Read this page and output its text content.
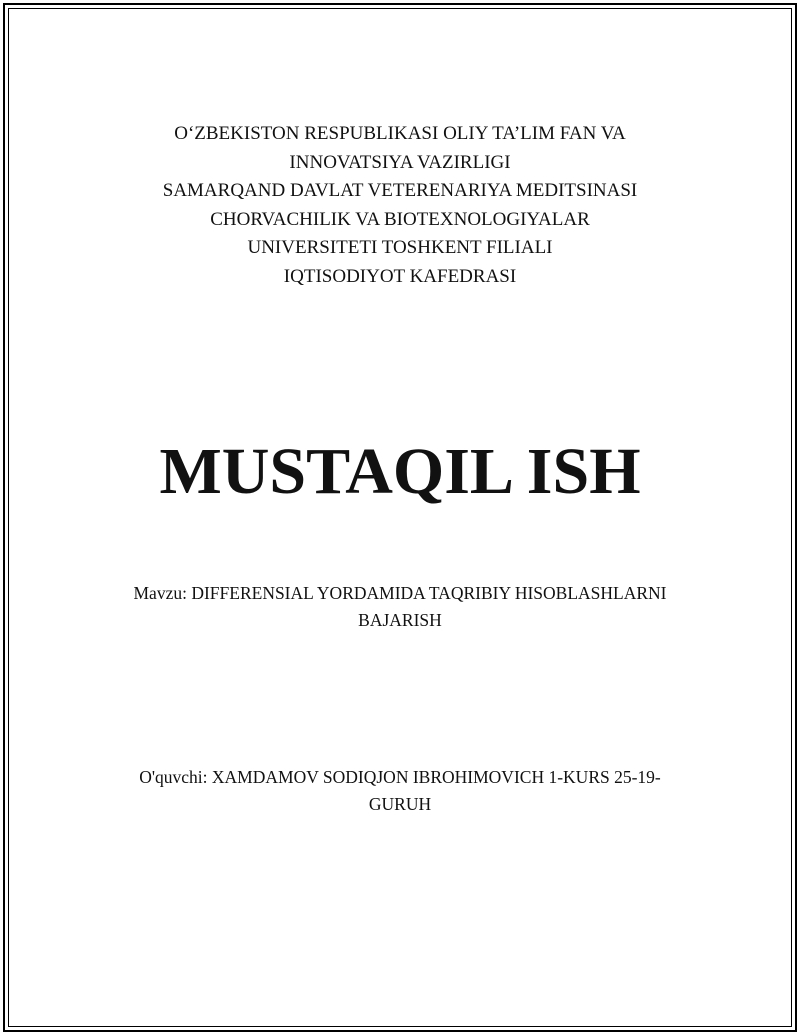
O‘ZBEKISTON RESPUBLIKASI OLIY TA’LIM FAN VA
INNOVATSIYA VAZIRLIGI
SAMARQAND DAVLAT VETERENARIYA MEDITSINASI
CHORVACHILIK VA BIOTEXNOLOGIYALAR
UNIVERSITETI TOSHKENT FILIALI
IQTISODIYOT KAFEDRASI
MUSTAQIL ISH
Mavzu: DIFFERENSIAL YORDAMIDA TAQRIBIY HISOBLASHLARNI
BAJARISH
O'quvchi: XAMDAMOV SODIQJON IBROHIMOVICH 1-KURS 25-19-
GURUH
